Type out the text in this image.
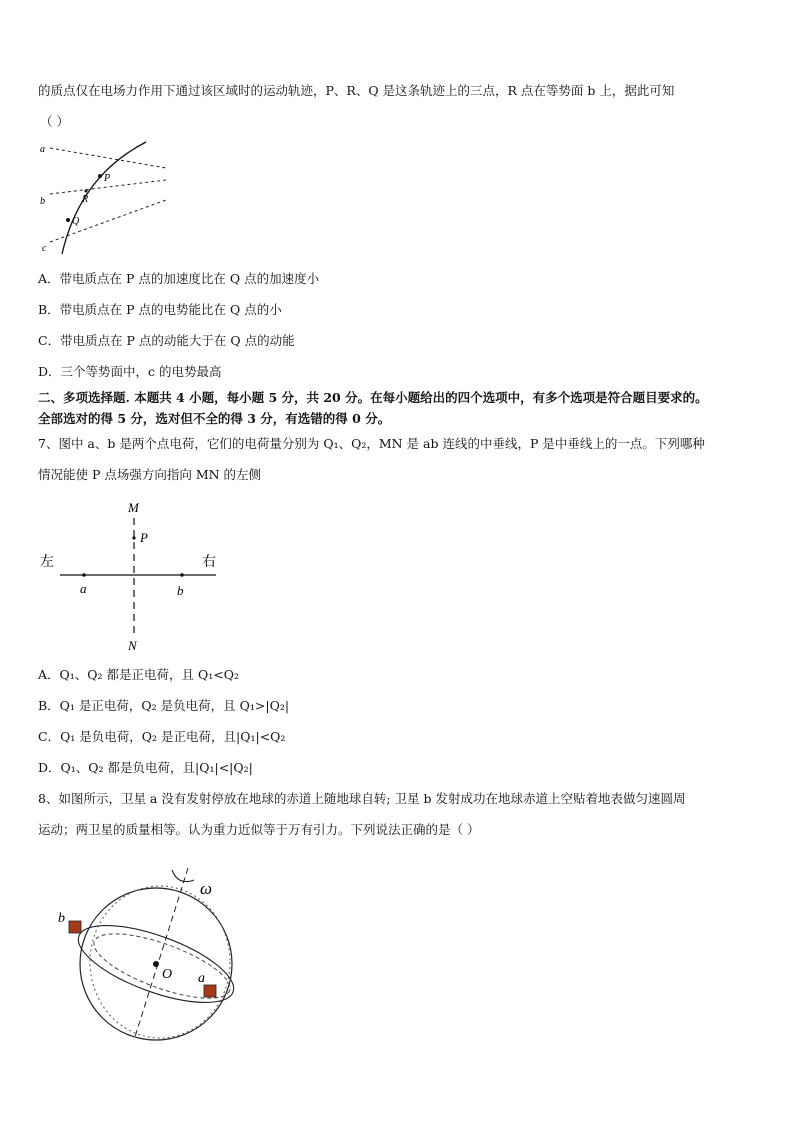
的质点仅在电场力作用下通过该区域时的运动轨迹，P、R、Q 是这条轨迹上的三点，R 点在等势面 b 上，据此可知
（ ）
a
b
c
P
R
Q
A．带电质点在 P 点的加速度比在 Q 点的加速度小
B．带电质点在 P 点的电势能比在 Q 点的小
C．带电质点在 P 点的动能大于在 Q 点的动能
D．三个等势面中，c 的电势最高
二、多项选择题. 本题共 4 小题，每小题 5 分，共 20 分。在每小题给出的四个选项中，有多个选项是符合题目要求的。
全部选对的得 5 分，选对但不全的得 3 分，有选错的得 0 分。
7、图中 a、b 是两个点电荷，它们的电荷量分别为 Q₁、Q₂，MN 是 ab 连线的中垂线，P 是中垂线上的一点。下列哪种
情况能使 P 点场强方向指向 MN 的左侧
M
P
N
左	右
a	b
A．Q₁、Q₂ 都是正电荷，且 Q₁<Q₂
B．Q₁ 是正电荷，Q₂ 是负电荷，且 Q₁>|Q₂|
C．Q₁ 是负电荷，Q₂ 是正电荷，且|Q₁|<Q₂
D．Q₁、Q₂ 都是负电荷，且|Q₁|<|Q₂|
8、如图所示，卫星 a 没有发射停放在地球的赤道上随地球自转; 卫星 b 发射成功在地球赤道上空贴着地表做匀速圆周
运动；两卫星的质量相等。认为重力近似等于万有引力。下列说法正确的是（ ）
b
O a
ω
